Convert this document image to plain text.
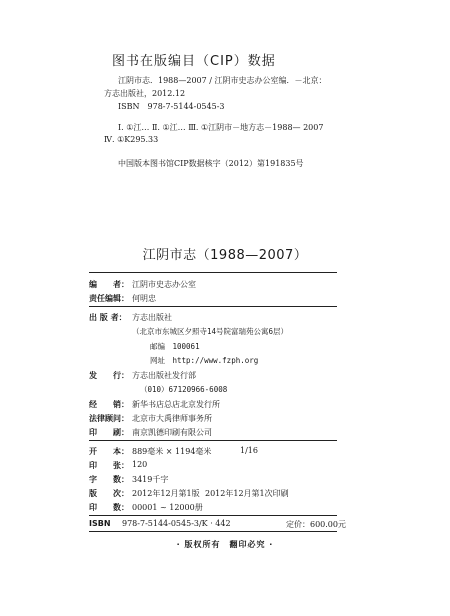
图书在版编目（CIP）数据
江阴市志．1988—2007 / 江阴市史志办公室编．－北京：
方志出版社，2012.12
ISBN　978-7-5144-0545-3
Ⅰ. ①江… Ⅱ. ①江… Ⅲ. ①江阴市－地方志－1988— 2007
Ⅳ. ①K295.33
中国版本图书馆CIP数据核字（2012）第191835号
江阴市志（1988—2007）
编　　者： 江阴市史志办公室
责任编辑： 何明忠
出 版 者： 方志出版社
（北京市东城区夕照寺14号院富瑞苑公寓6层）
邮编　100061
网址　http://www.fzph.org
发　　行： 方志出版社发行部
（010）67120966-6008
经　　销： 新华书店总店北京发行所
法律顾问： 北京市大禹律师事务所
印　　刷： 南京凯德印刷有限公司
开　　本： 889毫米 × 1194毫米	1/16
印　　张： 120
字　　数： 3419千字
版　　次： 2012年12月第1版 2012年12月第1次印刷
印　　数： 00001 ~ 12000册
ISBN 978-7-5144-0545-3/K · 442	定价：600.00元
· 版权所有　翻印必究 ·
